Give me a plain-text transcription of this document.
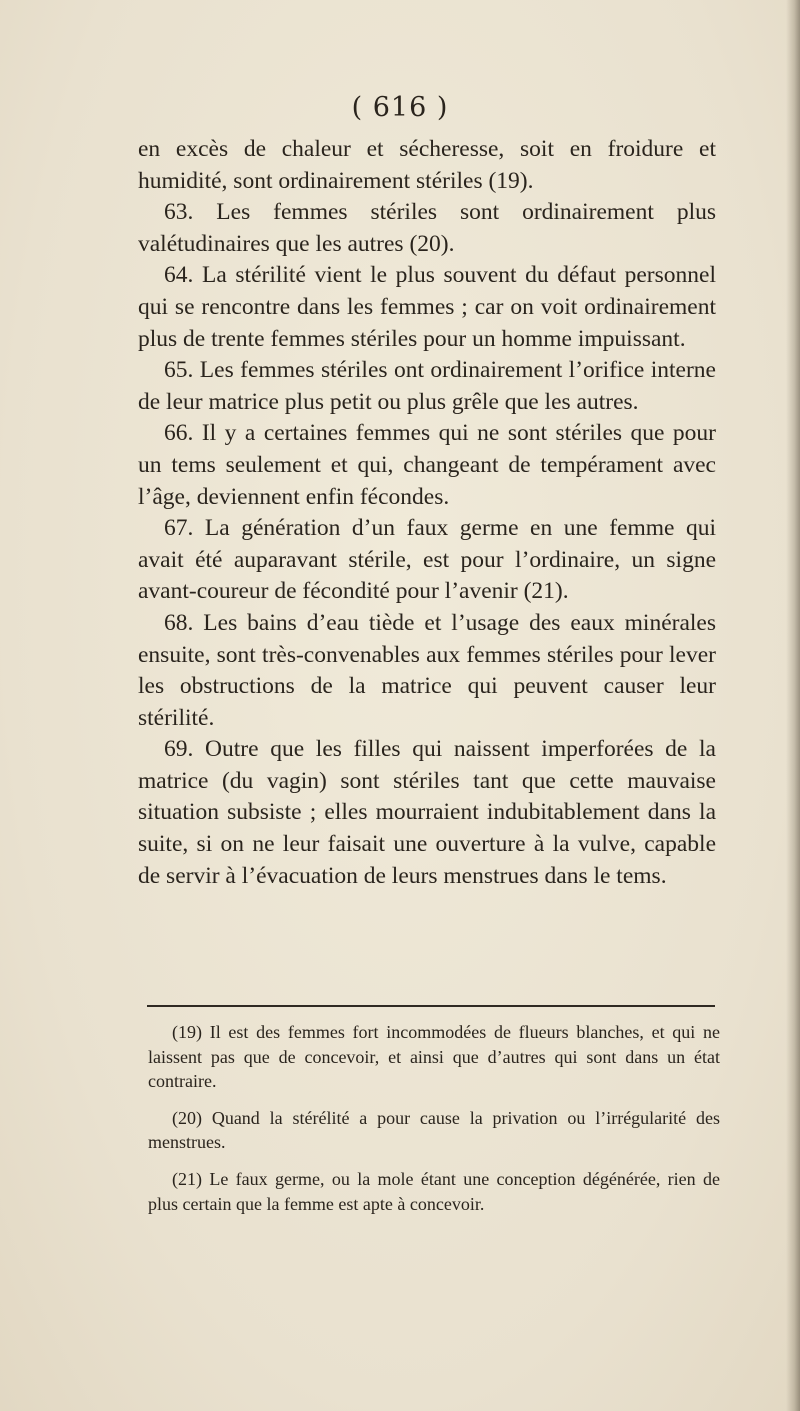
( 616 )

en excès de chaleur et sécheresse, soit en froidure et humidité, sont ordinairement stériles (19).

63. Les femmes stériles sont ordinairement plus valétudinaires que les autres (20).

64. La stérilité vient le plus souvent du défaut personnel qui se rencontre dans les femmes ; car on voit ordinairement plus de trente femmes stériles pour un homme impuissant.

65. Les femmes stériles ont ordinairement l’orifice interne de leur matrice plus petit ou plus grêle que les autres.

66. Il y a certaines femmes qui ne sont stériles que pour un tems seulement et qui, changeant de tempérament avec l’âge, deviennent enfin fécondes.

67. La génération d’un faux germe en une femme qui avait été auparavant stérile, est pour l’ordinaire, un signe avant-coureur de fécondité pour l’avenir (21).

68. Les bains d’eau tiède et l’usage des eaux minérales ensuite, sont très-convenables aux femmes stériles pour lever les obstructions de la matrice qui peuvent causer leur stérilité.

69. Outre que les filles qui naissent imperforées de la matrice (du vagin) sont stériles tant que cette mauvaise situation subsiste ; elles mourraient indubitablement dans la suite, si on ne leur faisait une ouverture à la vulve, capable de servir à l’évacuation de leurs menstrues dans le tems.

(19) Il est des femmes fort incommodées de flueurs blanches, et qui ne laissent pas que de concevoir, et ainsi que d’autres qui sont dans un état contraire.

(20) Quand la stérélité a pour cause la privation ou l’irrégularité des menstrues.

(21) Le faux germe, ou la mole étant une conception dégénérée, rien de plus certain que la femme est apte à concevoir.
